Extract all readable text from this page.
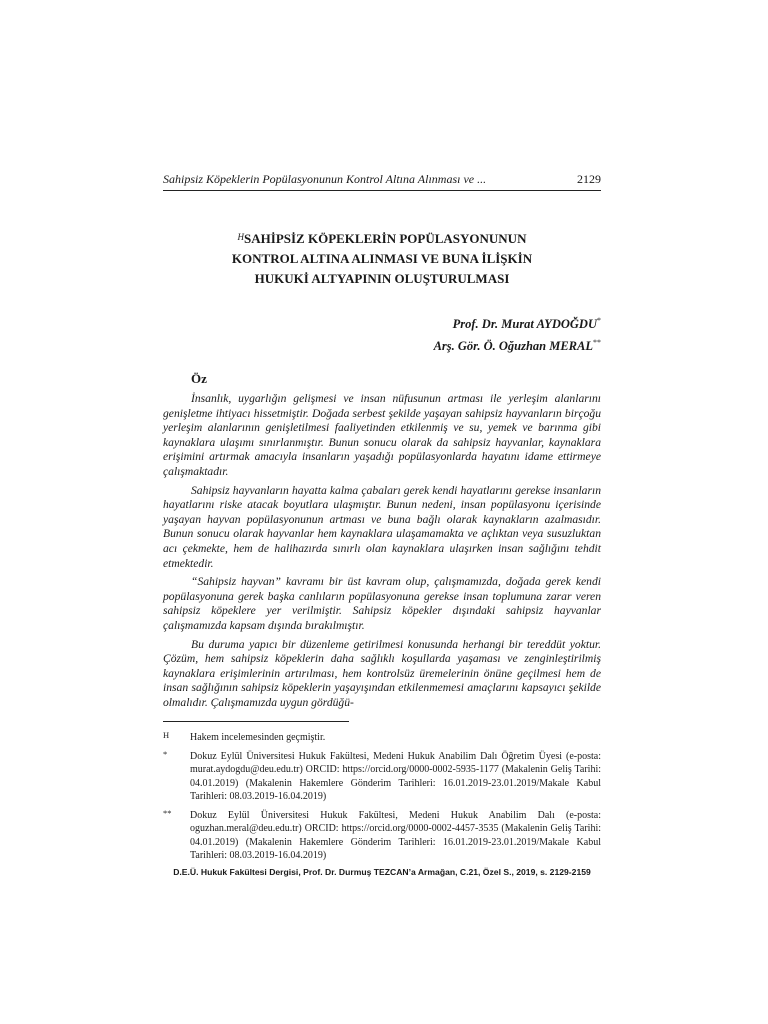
Sahipsiz Köpeklerin Popülasyonunun Kontrol Altına Alınması ve ...	2129
$^H$SAHİPSİZ KÖPEKLERİN POPÜLASYONUNUN
KONTROL ALTINA ALINMASI VE BUNA İLİŞKİN
HUKUKİ ALTYAPININ OLUŞTURULMASI
Prof. Dr. Murat AYDOĞDU*
Arş. Gör. Ö. Oğuzhan MERAL**
Öz

İnsanlık, uygarlığın gelişmesi ve insan nüfusunun artması ile yerleşim alanlarını genişletme ihtiyacı hissetmiştir. Doğada serbest şekilde yaşayan sahipsiz hayvanların birçoğu yerleşim alanlarının genişletilmesi faaliyetinden etkilenmiş ve su, yemek ve barınma gibi kaynaklara ulaşımı sınırlanmıştır. Bunun sonucu olarak da sahipsiz hayvanlar, kaynaklara erişimini artırmak amacıyla insanların yaşadığı popülasyonlarda hayatını idame ettirmeye çalışmaktadır.

Sahipsiz hayvanların hayatta kalma çabaları gerek kendi hayatlarını gerekse insanların hayatlarını riske atacak boyutlara ulaşmıştır. Bunun nedeni, insan popülasyonu içerisinde yaşayan hayvan popülasyonunun artması ve buna bağlı olarak kaynakların azalmasıdır. Bunun sonucu olarak hayvanlar hem kaynaklara ulaşamamakta ve açlıktan veya susuzluktan acı çekmekte, hem de halihazırda sınırlı olan kaynaklara ulaşırken insan sağlığını tehdit etmektedir.

“Sahipsiz hayvan” kavramı bir üst kavram olup, çalışmamızda, doğada gerek kendi popülasyonuna gerek başka canlıların popülasyonuna gerekse insan toplumuna zarar veren sahipsiz köpeklere yer verilmiştir. Sahipsiz köpekler dışındaki sahipsiz hayvanlar çalışmamızda kapsam dışında bırakılmıştır.

Bu duruma yapıcı bir düzenleme getirilmesi konusunda herhangi bir tereddüt yoktur. Çözüm, hem sahipsiz köpeklerin daha sağlıklı koşullarda yaşaması ve zenginleştirilmiş kaynaklara erişimlerinin artırılması, hem kontrolsüz üremelerinin önüne geçilmesi hem de insan sağlığının sahipsiz köpeklerin yaşayışından etkilenmemesi amaçlarını kapsayıcı şekilde olmalıdır. Çalışmamızda uygun gördüğü-

H Hakem incelemesinden geçmiştir.
* Dokuz Eylül Üniversitesi Hukuk Fakültesi, Medeni Hukuk Anabilim Dalı Öğretim Üyesi (e-posta: murat.aydogdu@deu.edu.tr) ORCID: https://orcid.org/0000-0002-5935-1177 (Makalenin Geliş Tarihi: 04.01.2019) (Makalenin Hakemlere Gönderim Tarihleri: 16.01.2019-23.01.2019/Makale Kabul Tarihleri: 08.03.2019-16.04.2019)
** Dokuz Eylül Üniversitesi Hukuk Fakültesi, Medeni Hukuk Anabilim Dalı (e-posta: oguzhan.meral@deu.edu.tr) ORCID: https://orcid.org/0000-0002-4457-3535 (Makalenin Geliş Tarihi: 04.01.2019) (Makalenin Hakemlere Gönderim Tarihleri: 16.01.2019-23.01.2019/Makale Kabul Tarihleri: 08.03.2019-16.04.2019)
D.E.Ü. Hukuk Fakültesi Dergisi, Prof. Dr. Durmuş TEZCAN’a Armağan, C.21, Özel S., 2019, s. 2129-2159
